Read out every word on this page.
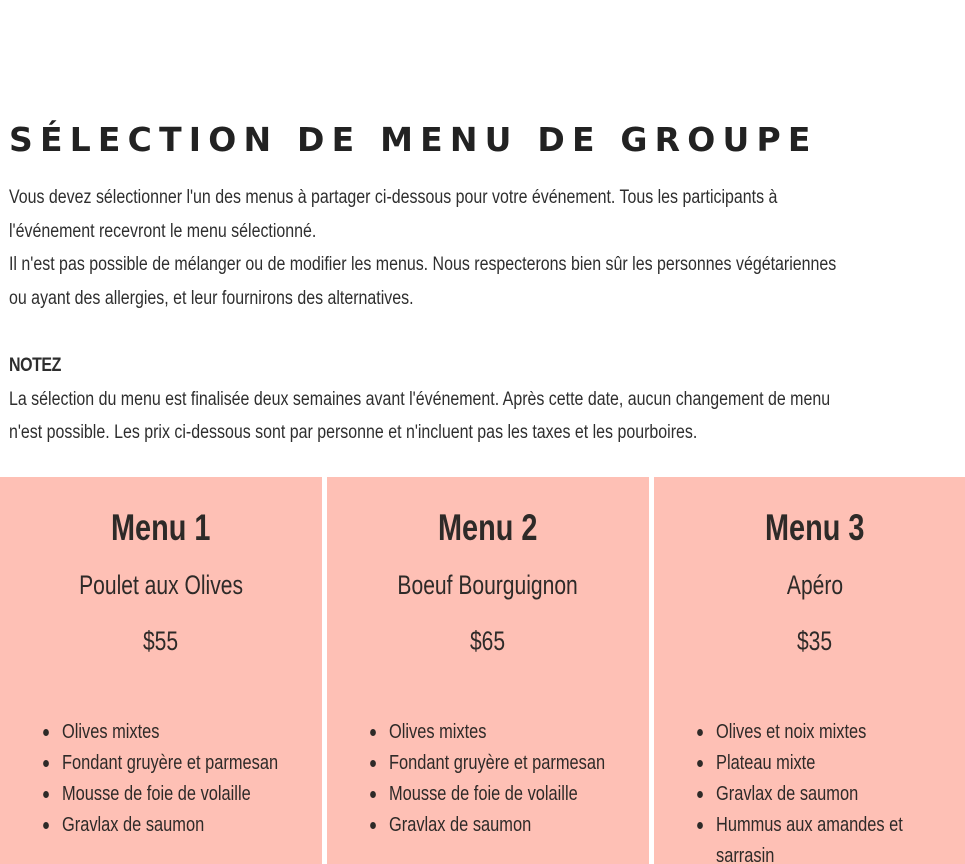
SÉLECTION DE MENU DE GROUPE

Vous devez sélectionner l'un des menus à partager ci-dessous pour votre événement. Tous les participants à

l'événement recevront le menu sélectionné.

Il n'est pas possible de mélanger ou de modifier les menus. Nous respecterons bien sûr les personnes végétariennes

ou ayant des allergies, et leur fournirons des alternatives.

NOTEZ

La sélection du menu est finalisée deux semaines avant l'événement. Après cette date, aucun changement de menu

n'est possible. Les prix ci-dessous sont par personne et n'incluent pas les taxes et les pourboires.

Menu 1
Poulet aux Olives
$55
Olives mixtes
Fondant gruyère et parmesan
Mousse de foie de volaille
Gravlax de saumon
Menu 2
Boeuf Bourguignon
$65
Olives mixtes
Fondant gruyère et parmesan
Mousse de foie de volaille
Gravlax de saumon
Menu 3
Apéro
$35
Olives et noix mixtes
Plateau mixte
Gravlax de saumon
Hummus aux amandes et
sarrasin
